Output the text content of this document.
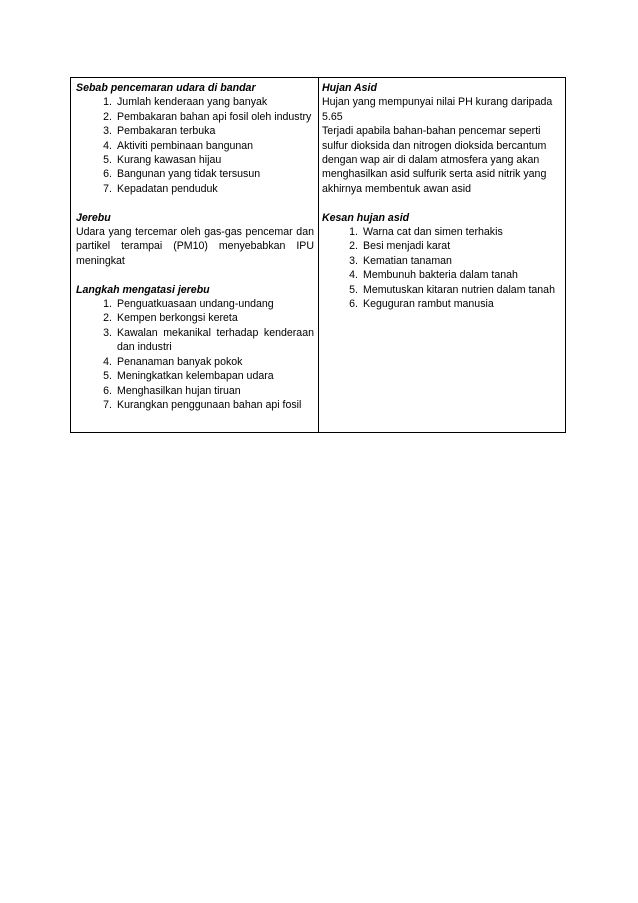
Sebab pencemaran udara di bandar
1. Jumlah kenderaan yang banyak
2. Pembakaran bahan api fosil oleh industry
3. Pembakaran terbuka
4. Aktiviti pembinaan bangunan
5. Kurang kawasan hijau
6. Bangunan yang tidak tersusun
7. Kepadatan penduduk
Jerebu

Udara yang tercemar oleh gas-gas pencemar dan partikel terampai (PM10) menyebabkan IPU meningkat

Langkah mengatasi jerebu
1. Penguatkuasaan undang-undang
2. Kempen berkongsi kereta
3. Kawalan mekanikal terhadap kenderaan dan industri
4. Penanaman banyak pokok
5. Meningkatkan kelembapan udara
6. Menghasilkan hujan tiruan
7. Kurangkan penggunaan bahan api fosil
Hujan Asid

Hujan yang mempunyai nilai PH kurang daripada 5.65

Terjadi apabila bahan-bahan pencemar seperti sulfur dioksida dan nitrogen dioksida bercantum dengan wap air di dalam atmosfera yang akan menghasilkan asid sulfurik serta asid nitrik yang akhirnya membentuk awan asid

Kesan hujan asid
1. Warna cat dan simen terhakis
2. Besi menjadi karat
3. Kematian tanaman
4. Membunuh bakteria dalam tanah
5. Memutuskan kitaran nutrien dalam tanah
6. Keguguran rambut manusia
